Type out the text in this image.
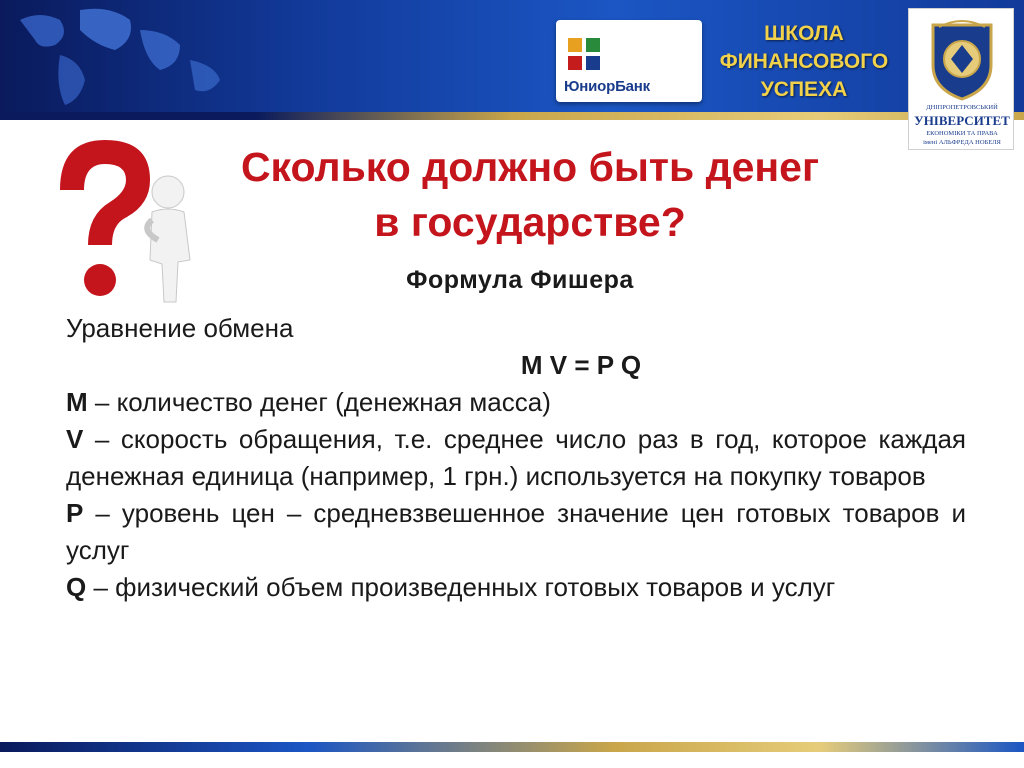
ЮниорБанк
ШКОЛА
ФИНАНСОВОГО
УСПЕХА
ДНІПРОПЕТРОВСЬКИЙ
УНІВЕРСИТЕТ
ЕКОНОМІКИ ТА ПРАВА
імені АЛЬФРЕДА НОБЕЛЯ
Сколько должно быть денег
в государстве?
Формула Фишера

Уравнение обмена

M V = P Q

M – количество денег (денежная масса)

V – скорость обращения, т.е. среднее число раз в год, которое каждая денежная единица (например, 1 грн.) используется на покупку товаров

P – уровень цен – средневзвешенное значение цен готовых товаров и услуг

Q – физический объем произведенных готовых товаров и услуг
